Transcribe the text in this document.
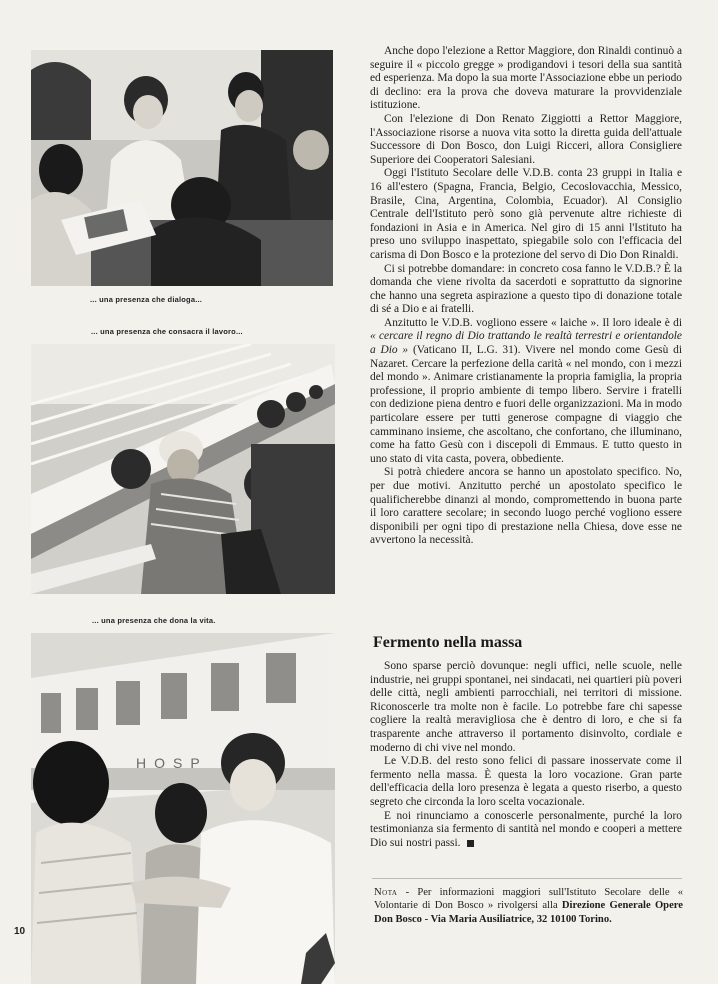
... una presenza che dialoga...
... una presenza che consacra il lavoro...
... una presenza che dona la vita.
HOSP
10

Anche dopo l'elezione a Rettor Maggiore, don Rinaldi continuò a seguire il « piccolo gregge » prodigandovi i tesori della sua santità ed esperienza. Ma dopo la sua morte l'Associazione ebbe un periodo di declino: era la prova che doveva maturare la provvidenziale istituzione.

Con l'elezione di Don Renato Ziggiotti a Rettor Maggiore, l'Associazione risorse a nuova vita sotto la diretta guida dell'attuale Successore di Don Bosco, don Luigi Ricceri, allora Consigliere Superiore dei Cooperatori Salesiani.

Oggi l'Istituto Secolare delle V.D.B. conta 23 gruppi in Italia e 16 all'estero (Spagna, Francia, Belgio, Cecoslovacchia, Messico, Brasile, Cina, Argentina, Colombia, Ecuador). Al Consiglio Centrale dell'Istituto però sono già pervenute altre richieste di fondazioni in Asia e in America. Nel giro di 15 anni l'Istituto ha preso uno sviluppo inaspettato, spiegabile solo con l'efficacia del carisma di Don Bosco e la protezione del servo di Dio Don Rinaldi.

Ci si potrebbe domandare: in concreto cosa fanno le V.D.B.? È la domanda che viene rivolta da sacerdoti e soprattutto da signorine che hanno una segreta aspirazione a questo tipo di donazione totale di sé a Dio e ai fratelli.

Anzitutto le V.D.B. vogliono essere « laiche ». Il loro ideale è di « cercare il regno di Dio trattando le realtà terrestri e orientandole a Dio » (Vaticano II, L.G. 31). Vivere nel mondo come Gesù di Nazaret. Cercare la perfezione della carità « nel mondo, con i mezzi del mondo ». Animare cristianamente la propria famiglia, la propria professione, il proprio ambiente di tempo libero. Servire i fratelli con dedizione piena dentro e fuori delle organizzazioni. Ma in modo particolare essere per tutti generose compagne di viaggio che camminano insieme, che ascoltano, che confortano, che illuminano, come ha fatto Gesù con i discepoli di Emmaus. E tutto questo in uno stato di vita casta, povera, obbediente.

Si potrà chiedere ancora se hanno un apostolato specifico. No, per due motivi. Anzitutto perché un apostolato specifico le qualificherebbe dinanzi al mondo, compromettendo in buona parte il loro carattere secolare; in secondo luogo perché vogliono essere disponibili per ogni tipo di prestazione nella Chiesa, dove esse ne avvertono la necessità.

Fermento nella massa

Sono sparse perciò dovunque: negli uffici, nelle scuole, nelle industrie, nei gruppi spontanei, nei sindacati, nei quartieri più poveri delle città, negli ambienti parrocchiali, nei territori di missione. Riconoscerle tra molte non è facile. Lo potrebbe fare chi sapesse cogliere la realtà meravigliosa che è dentro di loro, e che si fa trasparente anche attraverso il portamento disinvolto, cordiale e moderno di chi vive nel mondo.

Le V.D.B. del resto sono felici di passare inosservate come il fermento nella massa. È questa la loro vocazione. Gran parte dell'efficacia della loro presenza è legata a questo riserbo, a questo segreto che circonda la loro scelta vocazionale.

E noi rinunciamo a conoscerle personalmente, purché la loro testimonianza sia fermento di santità nel mondo e cooperi a mettere Dio sui nostri passi.

Nota - Per informazioni maggiori sull'Istituto Secolare delle « Volontarie di Don Bosco » rivolgersi alla Direzione Generale Opere Don Bosco - Via Maria Ausiliatrice, 32 10100 Torino.
